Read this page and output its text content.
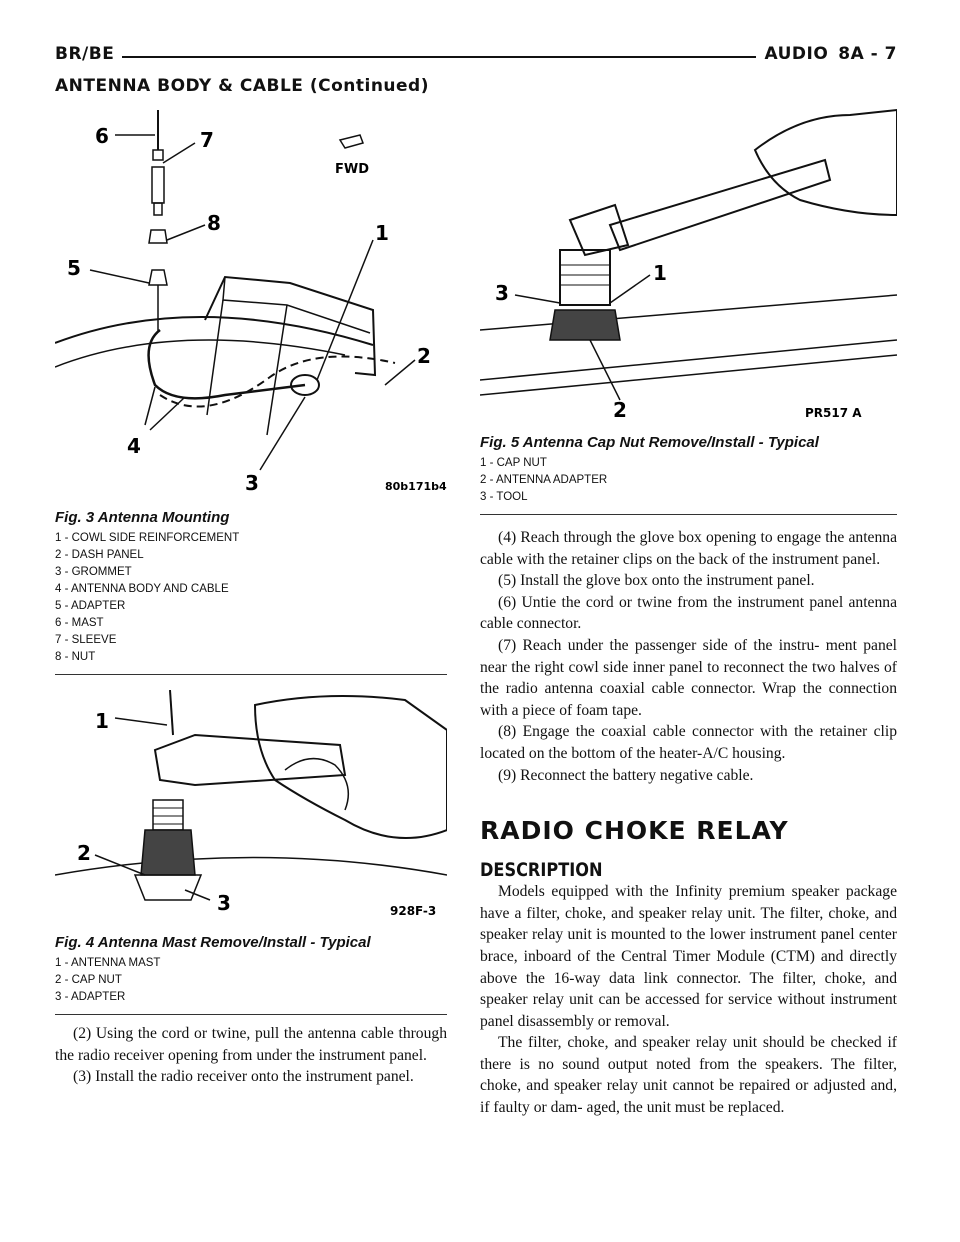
BR/BE	AUDIO 8A - 7
ANTENNA BODY & CABLE (Continued)
FWD
6	7
8
5
1
2
4
3	80b171b4
Fig. 3 Antenna Mounting
1 - COWL SIDE REINFORCEMENT
2 - DASH PANEL
3 - GROMMET
4 - ANTENNA BODY AND CABLE
5 - ADAPTER
6 - MAST
7 - SLEEVE
8 - NUT
1
2
3	928F-3
Fig. 4 Antenna Mast Remove/Install - Typical
1 - ANTENNA MAST
2 - CAP NUT
3 - ADAPTER

(2) Using the cord or twine, pull the antenna cable through the radio receiver opening from under the instrument panel.

(3) Install the radio receiver onto the instrument panel.

3
1
2	PR517 A
Fig. 5 Antenna Cap Nut Remove/Install - Typical
1 - CAP NUT
2 - ANTENNA ADAPTER
3 - TOOL

(4) Reach through the glove box opening to engage the antenna cable with the retainer clips on the back of the instrument panel.

(5) Install the glove box onto the instrument panel.

(6) Untie the cord or twine from the instrument panel antenna cable connector.

(7) Reach under the passenger side of the instru- ment panel near the right cowl side inner panel to reconnect the two halves of the radio antenna coaxial cable connector. Wrap the connection with a piece of foam tape.

(8) Engage the coaxial cable connector with the retainer clip located on the bottom of the heater-A/C housing.

(9) Reconnect the battery negative cable.

RADIO CHOKE RELAY
DESCRIPTION

Models equipped with the Infinity premium speaker package have a filter, choke, and speaker relay unit. The filter, choke, and speaker relay unit is mounted to the lower instrument panel center brace, inboard of the Central Timer Module (CTM) and directly above the 16-way data link connector. The filter, choke, and speaker relay unit can be accessed for service without instrument panel disassembly or removal.

The filter, choke, and speaker relay unit should be checked if there is no sound output noted from the speakers. The filter, choke, and speaker relay unit cannot be repaired or adjusted and, if faulty or dam- aged, the unit must be replaced.
